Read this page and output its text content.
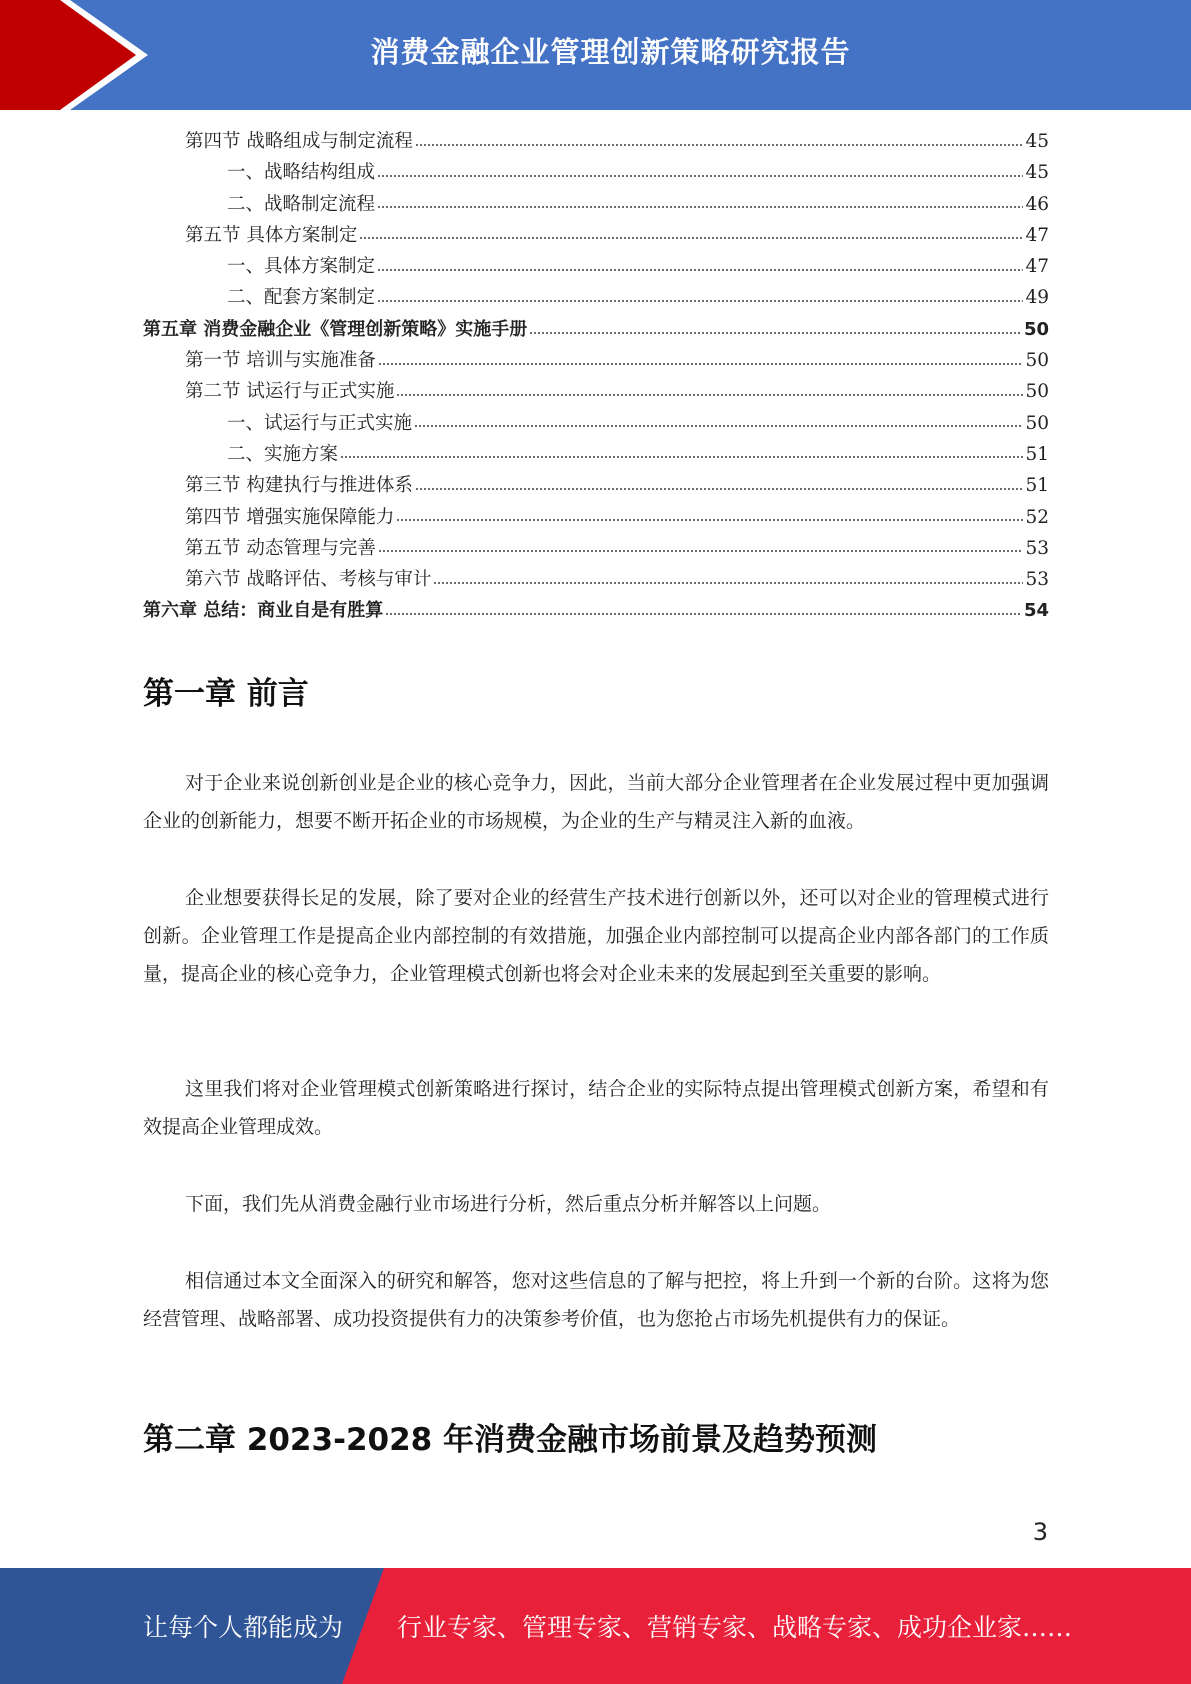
消费金融企业管理创新策略研究报告
第四节 战略组成与制定流程	45
一、战略结构组成	45
二、战略制定流程	46
第五节 具体方案制定	47
一、具体方案制定	47
二、配套方案制定	49
第五章 消费金融企业《管理创新策略》实施手册	50
第一节 培训与实施准备	50
第二节 试运行与正式实施	50
一、试运行与正式实施	50
二、实施方案	51
第三节 构建执行与推进体系	51
第四节 增强实施保障能力	52
第五节 动态管理与完善	53
第六节 战略评估、考核与审计	53
第六章 总结：商业自是有胜算	54
第一章 前言

对于企业来说创新创业是企业的核心竞争力，因此，当前大部分企业管理者在企业发展过程中更加强调企业的创新能力，想要不断开拓企业的市场规模，为企业的生产与精灵注入新的血液。

企业想要获得长足的发展，除了要对企业的经营生产技术进行创新以外，还可以对企业的管理模式进行创新。企业管理工作是提高企业内部控制的有效措施，加强企业内部控制可以提高企业内部各部门的工作质量，提高企业的核心竞争力，企业管理模式创新也将会对企业未来的发展起到至关重要的影响。

这里我们将对企业管理模式创新策略进行探讨，结合企业的实际特点提出管理模式创新方案，希望和有效提高企业管理成效。

下面，我们先从消费金融行业市场进行分析，然后重点分析并解答以上问题。

相信通过本文全面深入的研究和解答，您对这些信息的了解与把控，将上升到一个新的台阶。这将为您经营管理、战略部署、成功投资提供有力的决策参考价值，也为您抢占市场先机提供有力的保证。

第二章 2023-2028 年消费金融市场前景及趋势预测
3
让每个人都能成为 行业专家、管理专家、营销专家、战略专家、成功企业家……
